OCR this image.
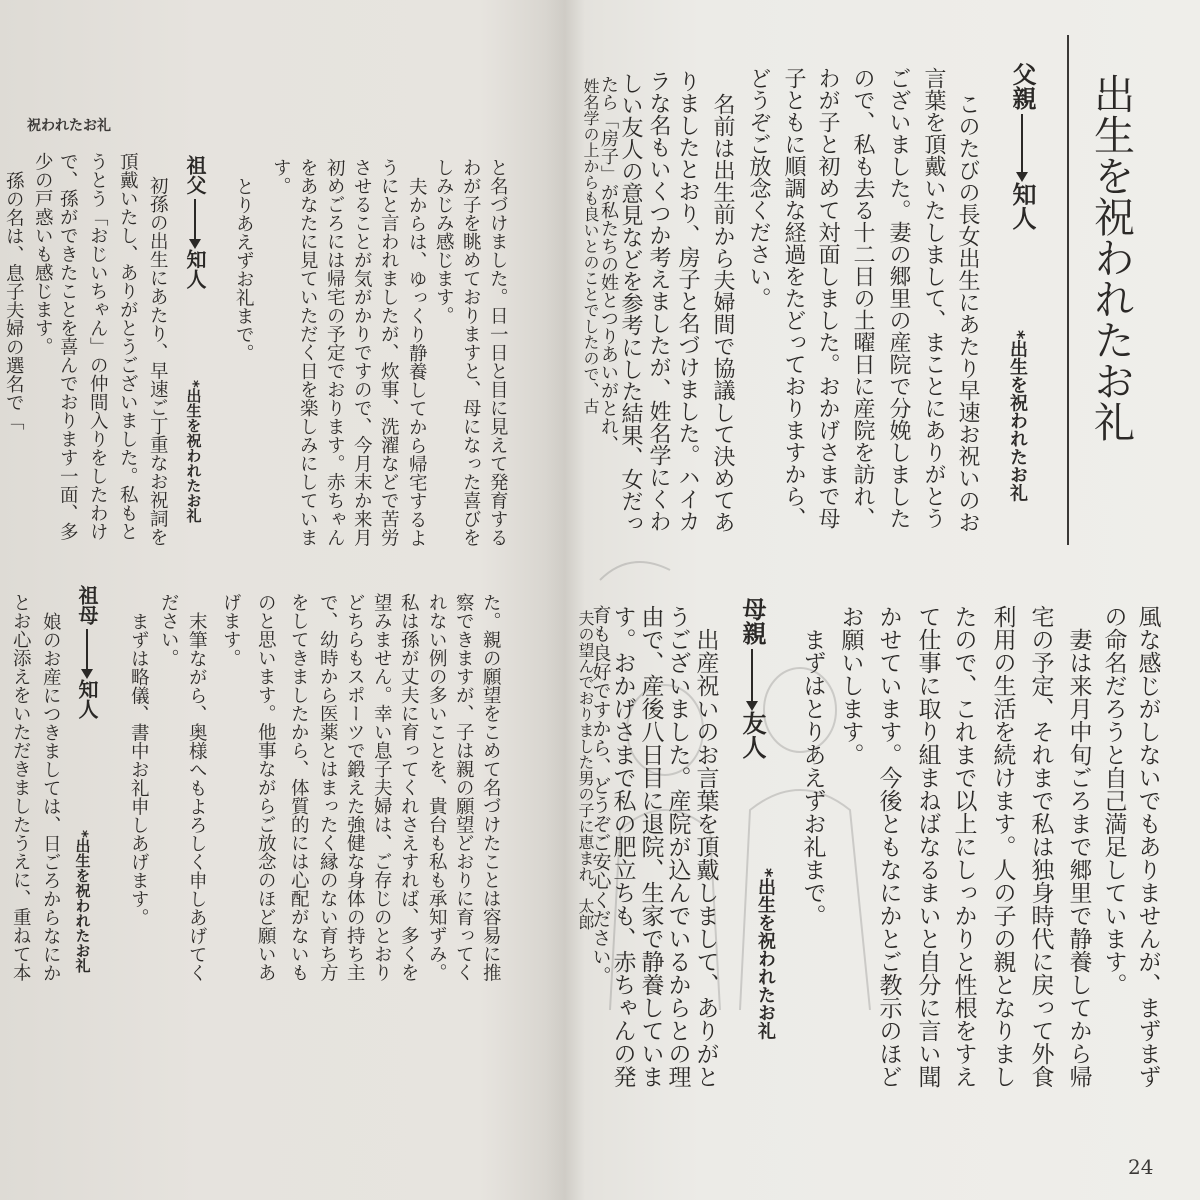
祝われたお礼	出生を祝われたお礼
24
このたびの長女出生にあたり早速お祝いのお
言葉を頂戴いたしまして、まことにありがとう
ございました。妻の郷里の産院で分娩しました
ので、私も去る十二日の土曜日に産院を訪れ、
わが子と初めて対面しました。おかげさまで母
子ともに順調な経過をたどっておりますから、
どうぞご放念ください。
名前は出生前から夫婦間で協議して決めてあ
りましたとおり、房子と名づけました。ハイカ
ラな名もいくつか考えましたが、姓名学にくわ
しい友人の意見などを参考にした結果、女だっ
たら「房子」が私たちの姓とつりあいがとれ、
姓名学の上からも良いとのことでしたので、古
風な感じがしないでもありませんが、まずまず
の命名だろうと自己満足しています。
妻は来月中旬ごろまで郷里で静養してから帰
宅の予定、それまで私は独身時代に戻って外食
利用の生活を続けます。人の子の親となりまし
たので、これまで以上にしっかりと性根をすえ
て仕事に取り組まねばなるまいと自分に言い聞
かせています。今後ともなにかとご教示のほど
お願いします。
まずはとりあえずお礼まで。
出産祝いのお言葉を頂戴しまして、ありがと
うございました。産院が込んでいるからとの理
由で、産後八日目に退院、生家で静養していま
す。おかげさまで私の肥立ちも、赤ちゃんの発
育も良好ですから、どうぞご安心ください。
夫の望んでおりました男の子に恵まれ、太郎
と名づけました。日一日と目に見えて発育する
わが子を眺めておりますと、母になった喜びを
しみじみ感じます。
夫からは、ゆっくり静養してから帰宅するよ
うにと言われましたが、炊事、洗濯などで苦労
させることが気がかりですので、今月末か来月
初めごろには帰宅の予定でおります。赤ちゃん
をあなたに見ていただく日を楽しみにしていま
す。
とりあえずお礼まで。
初孫の出生にあたり、早速ご丁重なお祝詞を
頂戴いたし、ありがとうございました。私もと
うとう「おじいちゃん」の仲間入りをしたわけ
で、孫ができたことを喜んでおります一面、多
少の戸惑いも感じます。
孫の名は、息子夫婦の選名で「
た。親の願望をこめて名づけたことは容易に推
察できますが、子は親の願望どおりに育ってく
れない例の多いことを、貴台も私も承知ずみ。
私は孫が丈夫に育ってくれさえすれば、多くを
望みません。幸い息子夫婦は、ご存じのとおり
どちらもスポーツで鍛えた強健な身体の持ち主
で、幼時から医薬とはまったく縁のない育ち方
をしてきましたから、体質的には心配がないも
のと思います。他事ながらご放念のほど願いあ
げます。
末筆ながら、奥様へもよろしく申しあげてく
ださい。
まずは略儀、書中お礼申しあげます。
娘のお産につきましては、日ごろからなにか
とお心添えをいただきましたうえに、重ねて本
*出生を祝われたお礼
*出生を祝われたお礼
*出生を祝われたお礼
*出生を祝われたお礼
父親
知人
母親
友人
祖父
知人
祖母
知人
